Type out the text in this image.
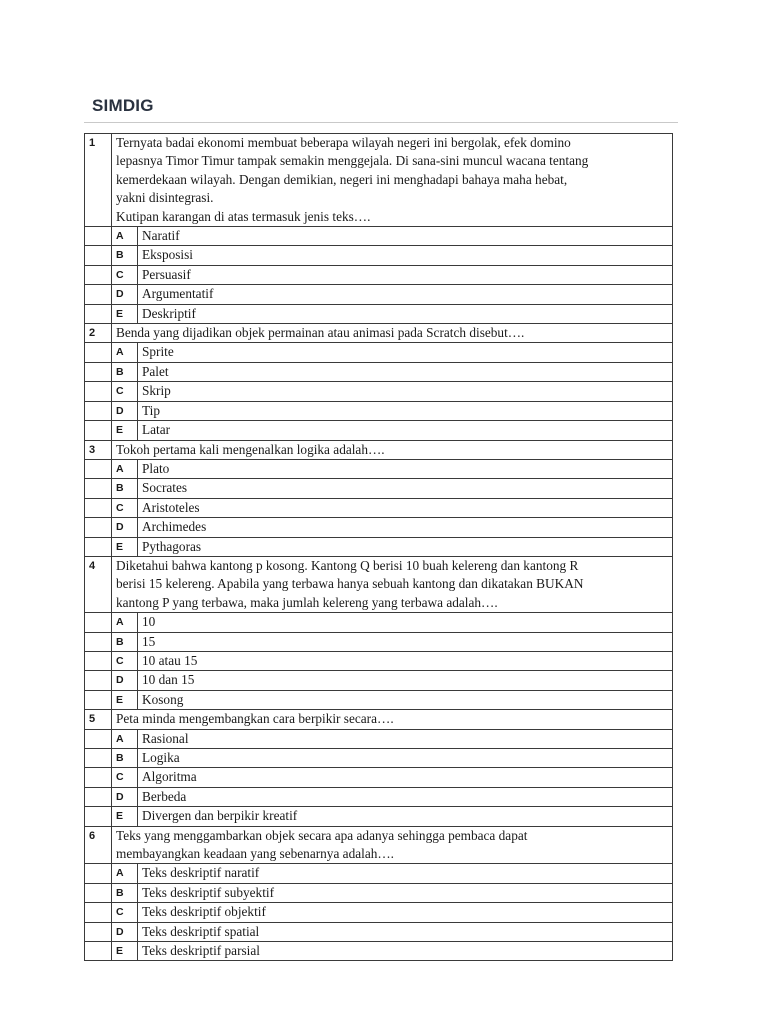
SIMDIG
1	Ternyata badai ekonomi membuat beberapa wilayah negeri ini bergolak, efek domino
lepasnya Timor Timur tampak semakin menggejala. Di sana-sini muncul wacana tentang
kemerdekaan wilayah. Dengan demikian, negeri ini menghadapi bahaya maha hebat,
yakni disintegrasi.
Kutipan karangan di atas termasuk jenis teks….	

	A	Naratif
	B	Eksposisi
	C	Persuasif
	D	Argumentatif
	E	Deskriptif
2	Benda yang dijadikan objek permainan atau animasi pada Scratch disebut….	

	A	Sprite
	B	Palet
	C	Skrip
	D	Tip
	E	Latar
3	Tokoh pertama kali mengenalkan logika adalah….	

	A	Plato
	B	Socrates
	C	Aristoteles
	D	Archimedes
	E	Pythagoras
4	Diketahui bahwa kantong p kosong. Kantong Q berisi 10 buah kelereng dan kantong R
berisi 15 kelereng. Apabila yang terbawa hanya sebuah kantong dan dikatakan BUKAN
kantong P yang terbawa, maka jumlah kelereng yang terbawa adalah….	

	A	10
	B	15
	C	10 atau 15
	D	10 dan 15
	E	Kosong
5	Peta minda mengembangkan cara berpikir secara….	

	A	Rasional
	B	Logika
	C	Algoritma
	D	Berbeda
	E	Divergen dan berpikir kreatif
6	Teks yang menggambarkan objek secara apa adanya sehingga pembaca dapat
membayangkan keadaan yang sebenarnya adalah….	

	A	Teks deskriptif naratif
	B	Teks deskriptif subyektif
	C	Teks deskriptif objektif
	D	Teks deskriptif spatial
	E	Teks deskriptif parsial
